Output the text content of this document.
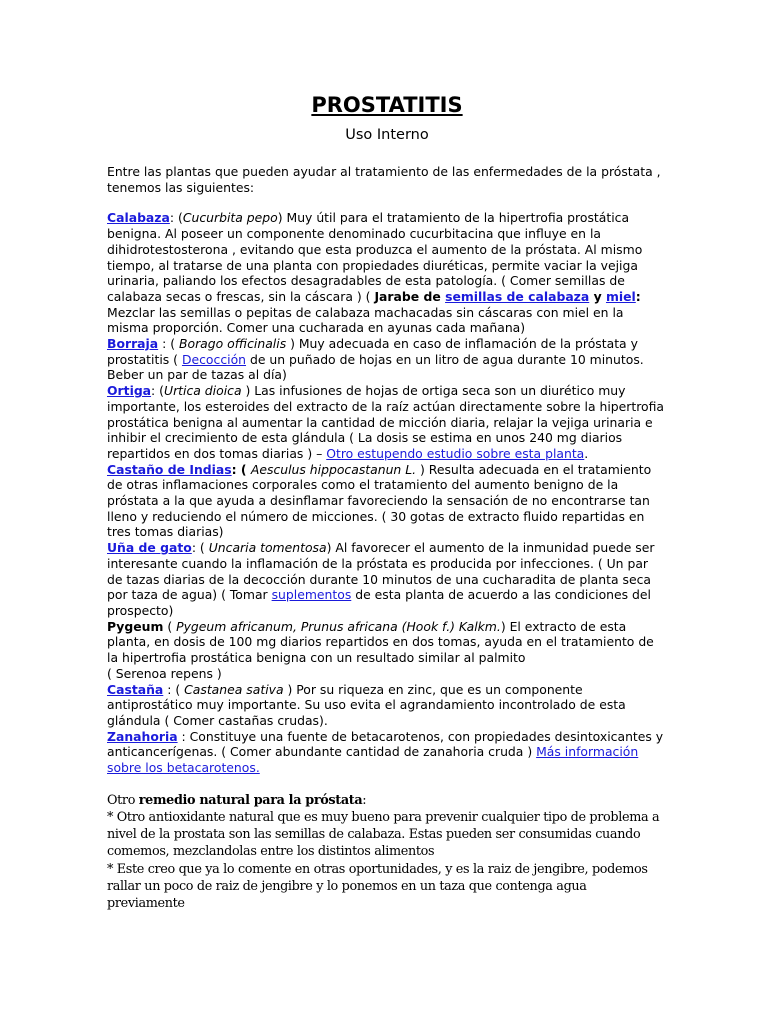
PROSTATITIS
Uso Interno

Entre las plantas que pueden ayudar al tratamiento de las enfermedades de la próstata , tenemos las siguientes:

Calabaza: (Cucurbita pepo) Muy útil para el tratamiento de la hipertrofia prostática benigna. Al poseer un componente denominado cucurbitacina que influye en la dihidrotestosterona , evitando que esta produzca el aumento de la próstata. Al mismo tiempo, al tratarse de una planta con propiedades diuréticas, permite vaciar la vejiga urinaria, paliando los efectos desagradables de esta patología. ( Comer semillas de calabaza secas o frescas, sin la cáscara ) ( Jarabe de semillas de calabaza y miel: Mezclar las semillas o pepitas de calabaza machacadas sin cáscaras con miel en la misma proporción. Comer una cucharada en ayunas cada mañana)

Borraja : ( Borago officinalis ) Muy adecuada en caso de inflamación de la próstata y prostatitis ( Decocción de un puñado de hojas en un litro de agua durante 10 minutos. Beber un par de tazas al día)

Ortiga: (Urtica dioica ) Las infusiones de hojas de ortiga seca son un diurético muy importante, los esteroides del extracto de la raíz actúan directamente sobre la hipertrofia prostática benigna al aumentar la cantidad de micción diaria, relajar la vejiga urinaria e inhibir el crecimiento de esta glándula ( La dosis se estima en unos 240 mg diarios repartidos en dos tomas diarias ) – Otro estupendo estudio sobre esta planta.

Castaño de Indias: ( Aesculus hippocastanun L. ) Resulta adecuada en el tratamiento de otras inflamaciones corporales como el tratamiento del aumento benigno de la próstata a la que ayuda a desinflamar favoreciendo la sensación de no encontrarse tan lleno y reduciendo el número de micciones. ( 30 gotas de extracto fluido repartidas en tres tomas diarias)

Uña de gato: ( Uncaria tomentosa) Al favorecer el aumento de la inmunidad puede ser interesante cuando la inflamación de la próstata es producida por infecciones. ( Un par de tazas diarias de la decocción durante 10 minutos de una cucharadita de planta seca por taza de agua) ( Tomar suplementos de esta planta de acuerdo a las condiciones del prospecto)

Pygeum ( Pygeum africanum, Prunus africana (Hook f.) Kalkm.) El extracto de esta planta, en dosis de 100 mg diarios repartidos en dos tomas, ayuda en el tratamiento de la hipertrofia prostática benigna con un resultado similar al palmito
( Serenoa repens )

Castaña : ( Castanea sativa ) Por su riqueza en zinc, que es un componente antiprostático muy importante. Su uso evita el agrandamiento incontrolado de esta glándula ( Comer castañas crudas).

Zanahoria : Constituye una fuente de betacarotenos, con propiedades desintoxicantes y anticancerígenas. ( Comer abundante cantidad de zanahoria cruda ) Más información sobre los betacarotenos.

Otro remedio natural para la próstata:

* Otro antioxidante natural que es muy bueno para prevenir cualquier tipo de problema a nivel de la prostata son las semillas de calabaza. Estas pueden ser consumidas cuando comemos, mezclandolas entre los distintos alimentos

* Este creo que ya lo comente en otras oportunidades, y es la raiz de jengibre, podemos rallar un poco de raiz de jengibre y lo ponemos en un taza que contenga agua previamente
